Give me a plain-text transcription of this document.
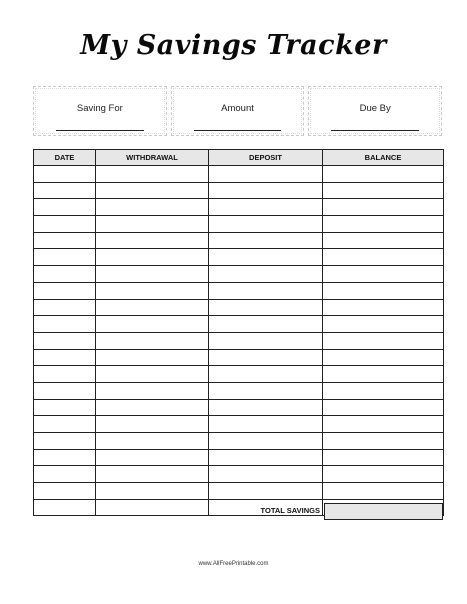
My Savings Tracker
Saving For	Amount	Due By
DATE	WITHDRAWAL	DEPOSIT	BALANCE

TOTAL SAVINGS
www.AllFreePrintable.com
